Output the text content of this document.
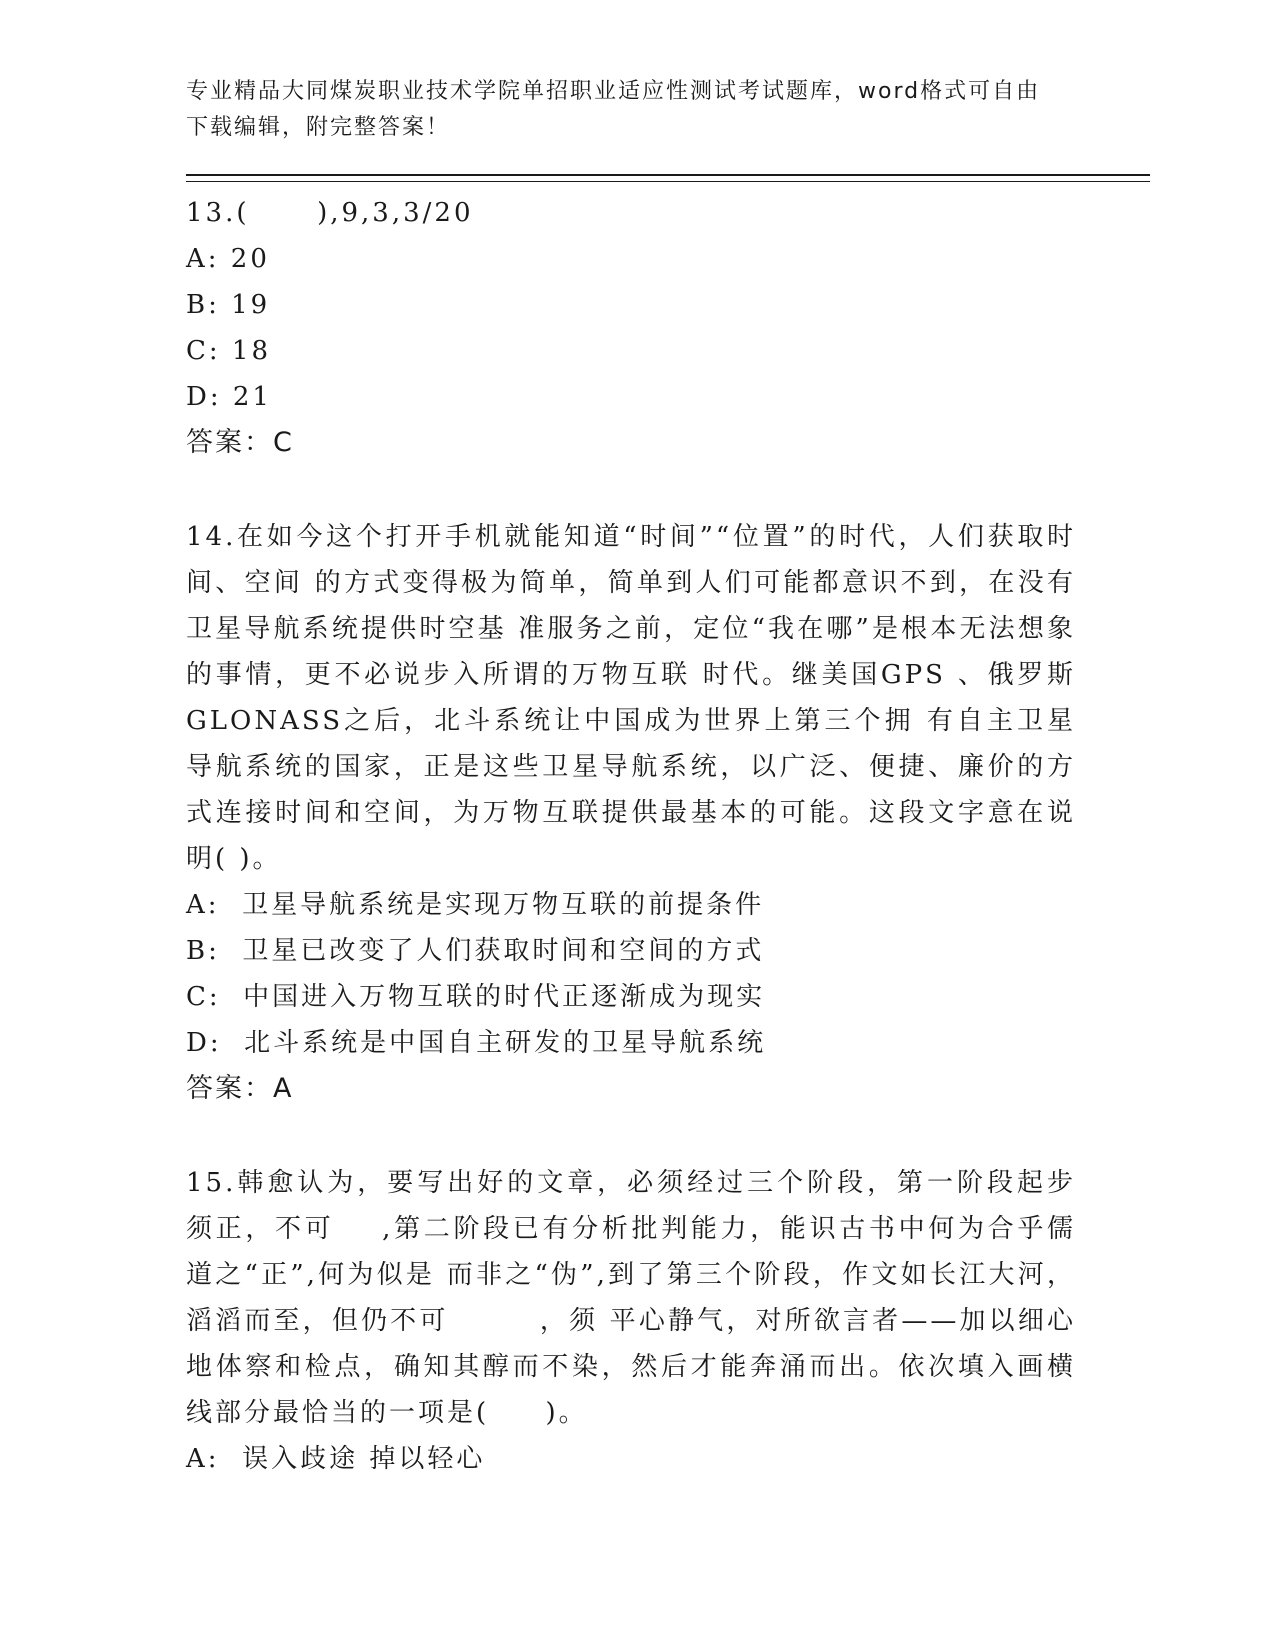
专业精品大同煤炭职业技术学院单招职业适应性测试考试题库，word格式可自由
下载编辑，附完整答案！
13.(      ),9,3,3/20
A: 20
B: 19
C: 18
D: 21
答案：C
14.在如今这个打开手机就能知道“时间”“位置”的时代，人们获取时间、空间 的方式变得极为简单，简单到人们可能都意识不到，在没有卫星导航系统提供时空基 准服务之前，定位“我在哪”是根本无法想象的事情，更不必说步入所谓的万物互联 时代。继美国GPS 、俄罗斯 GLONASS之后，北斗系统让中国成为世界上第三个拥 有自主卫星导航系统的国家，正是这些卫星导航系统，以广泛、便捷、廉价的方式连接时间和空间，为万物互联提供最基本的可能。这段文字意在说明( )。
A:  卫星导航系统是实现万物互联的前提条件
B:  卫星已改变了人们获取时间和空间的方式
C:  中国进入万物互联的时代正逐渐成为现实
D:  北斗系统是中国自主研发的卫星导航系统
答案：A
15.韩愈认为，要写出好的文章，必须经过三个阶段，第一阶段起步须正，不可    ,第二阶段已有分析批判能力，能识古书中何为合乎儒道之“正”,何为似是 而非之“伪”,到了第三个阶段，作文如长江大河，滔滔而至，但仍不可        ，须 平心静气，对所欲言者——加以细心地体察和检点，确知其醇而不染，然后才能奔涌而出。依次填入画横线部分最恰当的一项是(     )。
A:  误入歧途 掉以轻心
